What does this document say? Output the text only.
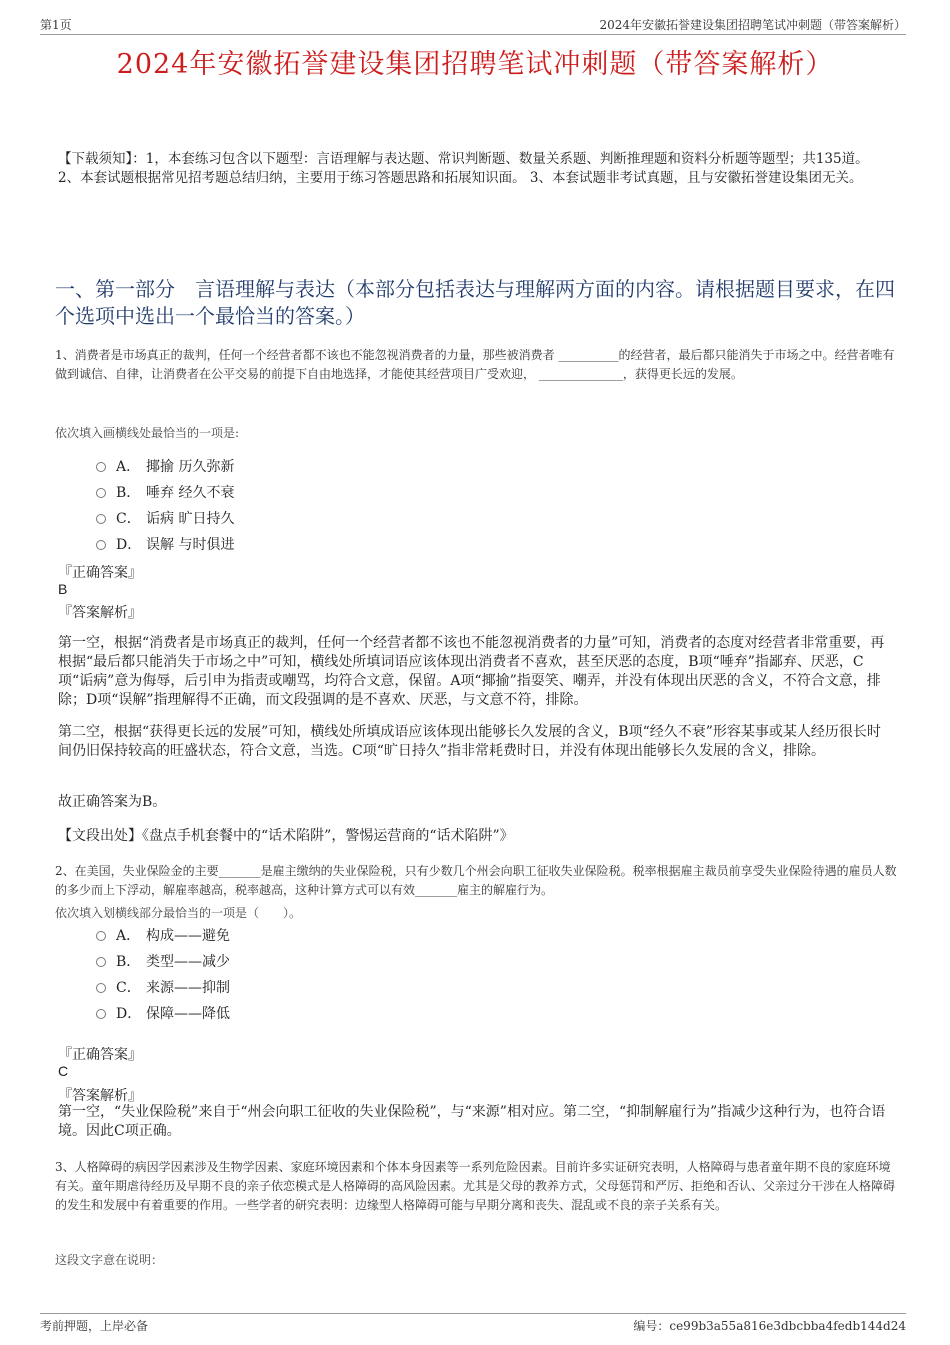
第1页	2024年安徽拓誉建设集团招聘笔试冲刺题（带答案解析）
2024年安徽拓誉建设集团招聘笔试冲刺题（带答案解析）
【下载须知】：1，本套练习包含以下题型：言语理解与表达题、常识判断题、数量关系题、判断推理题和资料分析题等题型；共135道。 2、本套试题根据常见招考题总结归纳，主要用于练习答题思路和拓展知识面。 3、本套试题非考试真题，且与安徽拓誉建设集团无关。
一、第一部分　言语理解与表达（本部分包括表达与理解两方面的内容。请根据题目要求，在四个选项中选出一个最恰当的答案。）
1、消费者是市场真正的裁判，任何一个经营者都不该也不能忽视消费者的力量，那些被消费者 __________的经营者，最后都只能消失于市场之中。经营者唯有做到诚信、自律，让消费者在公平交易的前提下自由地选择，才能使其经营项目广受欢迎， ______________，获得更长远的发展。
依次填入画横线处最恰当的一项是:
A． 揶揄 历久弥新
B． 唾弃 经久不衰
C． 诟病 旷日持久
D． 误解 与时俱进
『正确答案』
B
『答案解析』
第一空，根据“消费者是市场真正的裁判，任何一个经营者都不该也不能忽视消费者的力量”可知，消费者的态度对经营者非常重要，再根据“最后都只能消失于市场之中”可知，横线处所填词语应该体现出消费者不喜欢，甚至厌恶的态度，B项“唾弃”指鄙弃、厌恶，C项“诟病”意为侮辱，后引申为指责或嘲骂，均符合文意，保留。A项“揶揄”指耍笑、嘲弄，并没有体现出厌恶的含义，不符合文意，排除；D项“误解”指理解得不正确，而文段强调的是不喜欢、厌恶，与文意不符，排除。
第二空，根据“获得更长远的发展”可知，横线处所填成语应该体现出能够长久发展的含义，B项“经久不衰”形容某事或某人经历很长时间仍旧保持较高的旺盛状态，符合文意，当选。C项“旷日持久”指非常耗费时日，并没有体现出能够长久发展的含义，排除。
故正确答案为B。
【文段出处】《盘点手机套餐中的“话术陷阱”，警惕运营商的“话术陷阱”》
2、在美国，失业保险金的主要_______是雇主缴纳的失业保险税，只有少数几个州会向职工征收失业保险税。税率根据雇主裁员前享受失业保险待遇的雇员人数的多少而上下浮动，解雇率越高，税率越高，这种计算方式可以有效_______雇主的解雇行为。
依次填入划横线部分最恰当的一项是（　　）。
A． 构成——避免
B． 类型——减少
C． 来源——抑制
D． 保障——降低
『正确答案』
C
『答案解析』
第一空，“失业保险税”来自于“州会向职工征收的失业保险税”，与“来源”相对应。第二空，“抑制解雇行为”指减少这种行为，也符合语境。因此C项正确。
3、人格障碍的病因学因素涉及生物学因素、家庭环境因素和个体本身因素等一系列危险因素。目前许多实证研究表明，人格障碍与患者童年期不良的家庭环境有关。童年期虐待经历及早期不良的亲子依恋模式是人格障碍的高风险因素。尤其是父母的教养方式，父母惩罚和严厉、拒绝和否认、父亲过分干涉在人格障碍的发生和发展中有着重要的作用。一些学者的研究表明：边缘型人格障碍可能与早期分离和丧失、混乱或不良的亲子关系有关。
这段文字意在说明：
考前押题，上岸必备	编号：ce99b3a55a816e3dbcbba4fedb144d24
